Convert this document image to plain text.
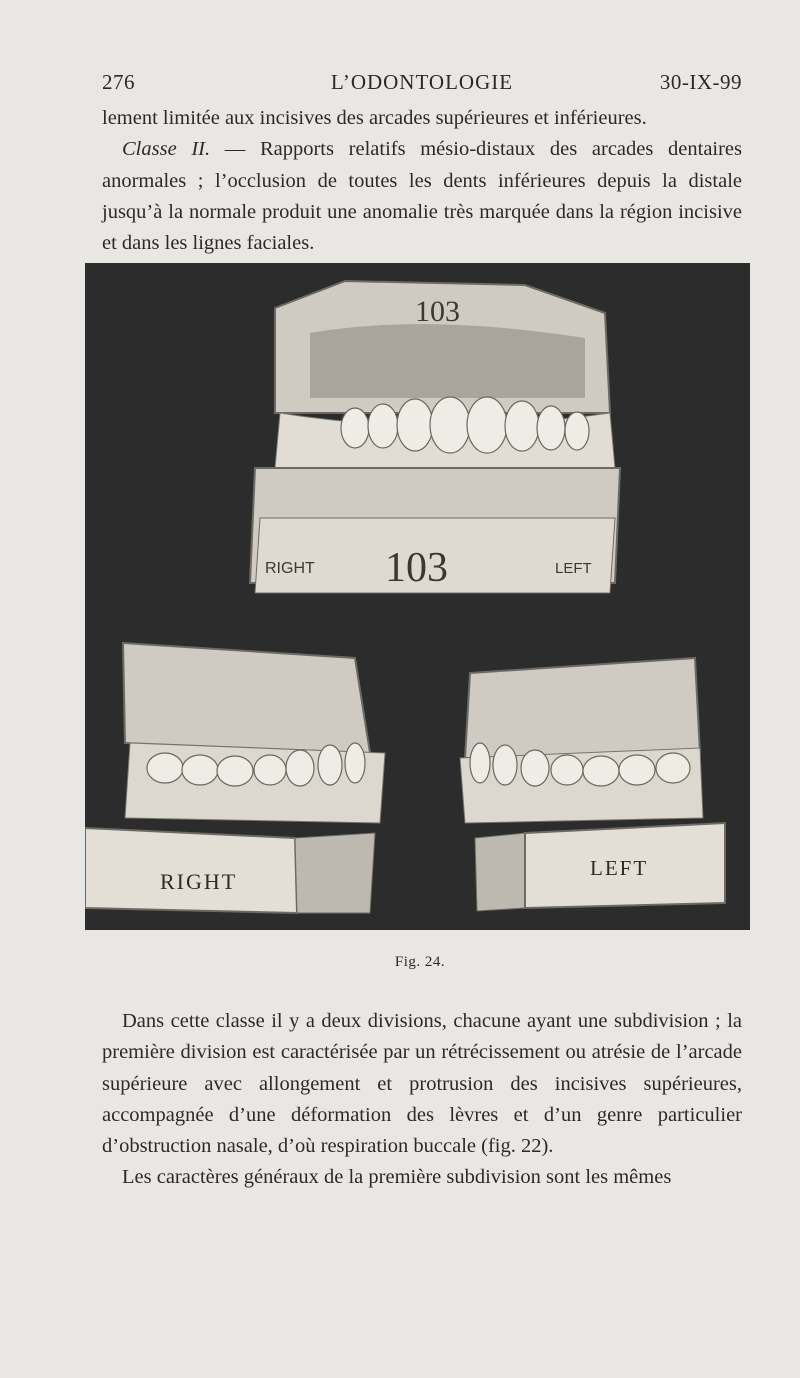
276	L’ODONTOLOGIE	30-IX-99

lement limitée aux incisives des arcades supérieures et inférieures.
Classe II. — Rapports relatifs mésio-distaux des arcades dentaires anormales ; l’occlusion de toutes les dents inférieures depuis la distale jusqu’à la normale produit une anomalie très marquée dans la région incisive et dans les lignes faciales.

103
RIGHT 103	LEFT
RIGHT
LEFT
Fig. 24.

Dans cette classe il y a deux divisions, chacune ayant une subdivision ; la première division est caractérisée par un rétrécissement ou atrésie de l’arcade supérieure avec allongement et protrusion des incisives supérieures, accompagnée d’une déformation des lèvres et d’un genre particulier d’obstruction nasale, d’où respiration buccale (fig. 22).
Les caractères généraux de la première subdivision sont les mêmes
